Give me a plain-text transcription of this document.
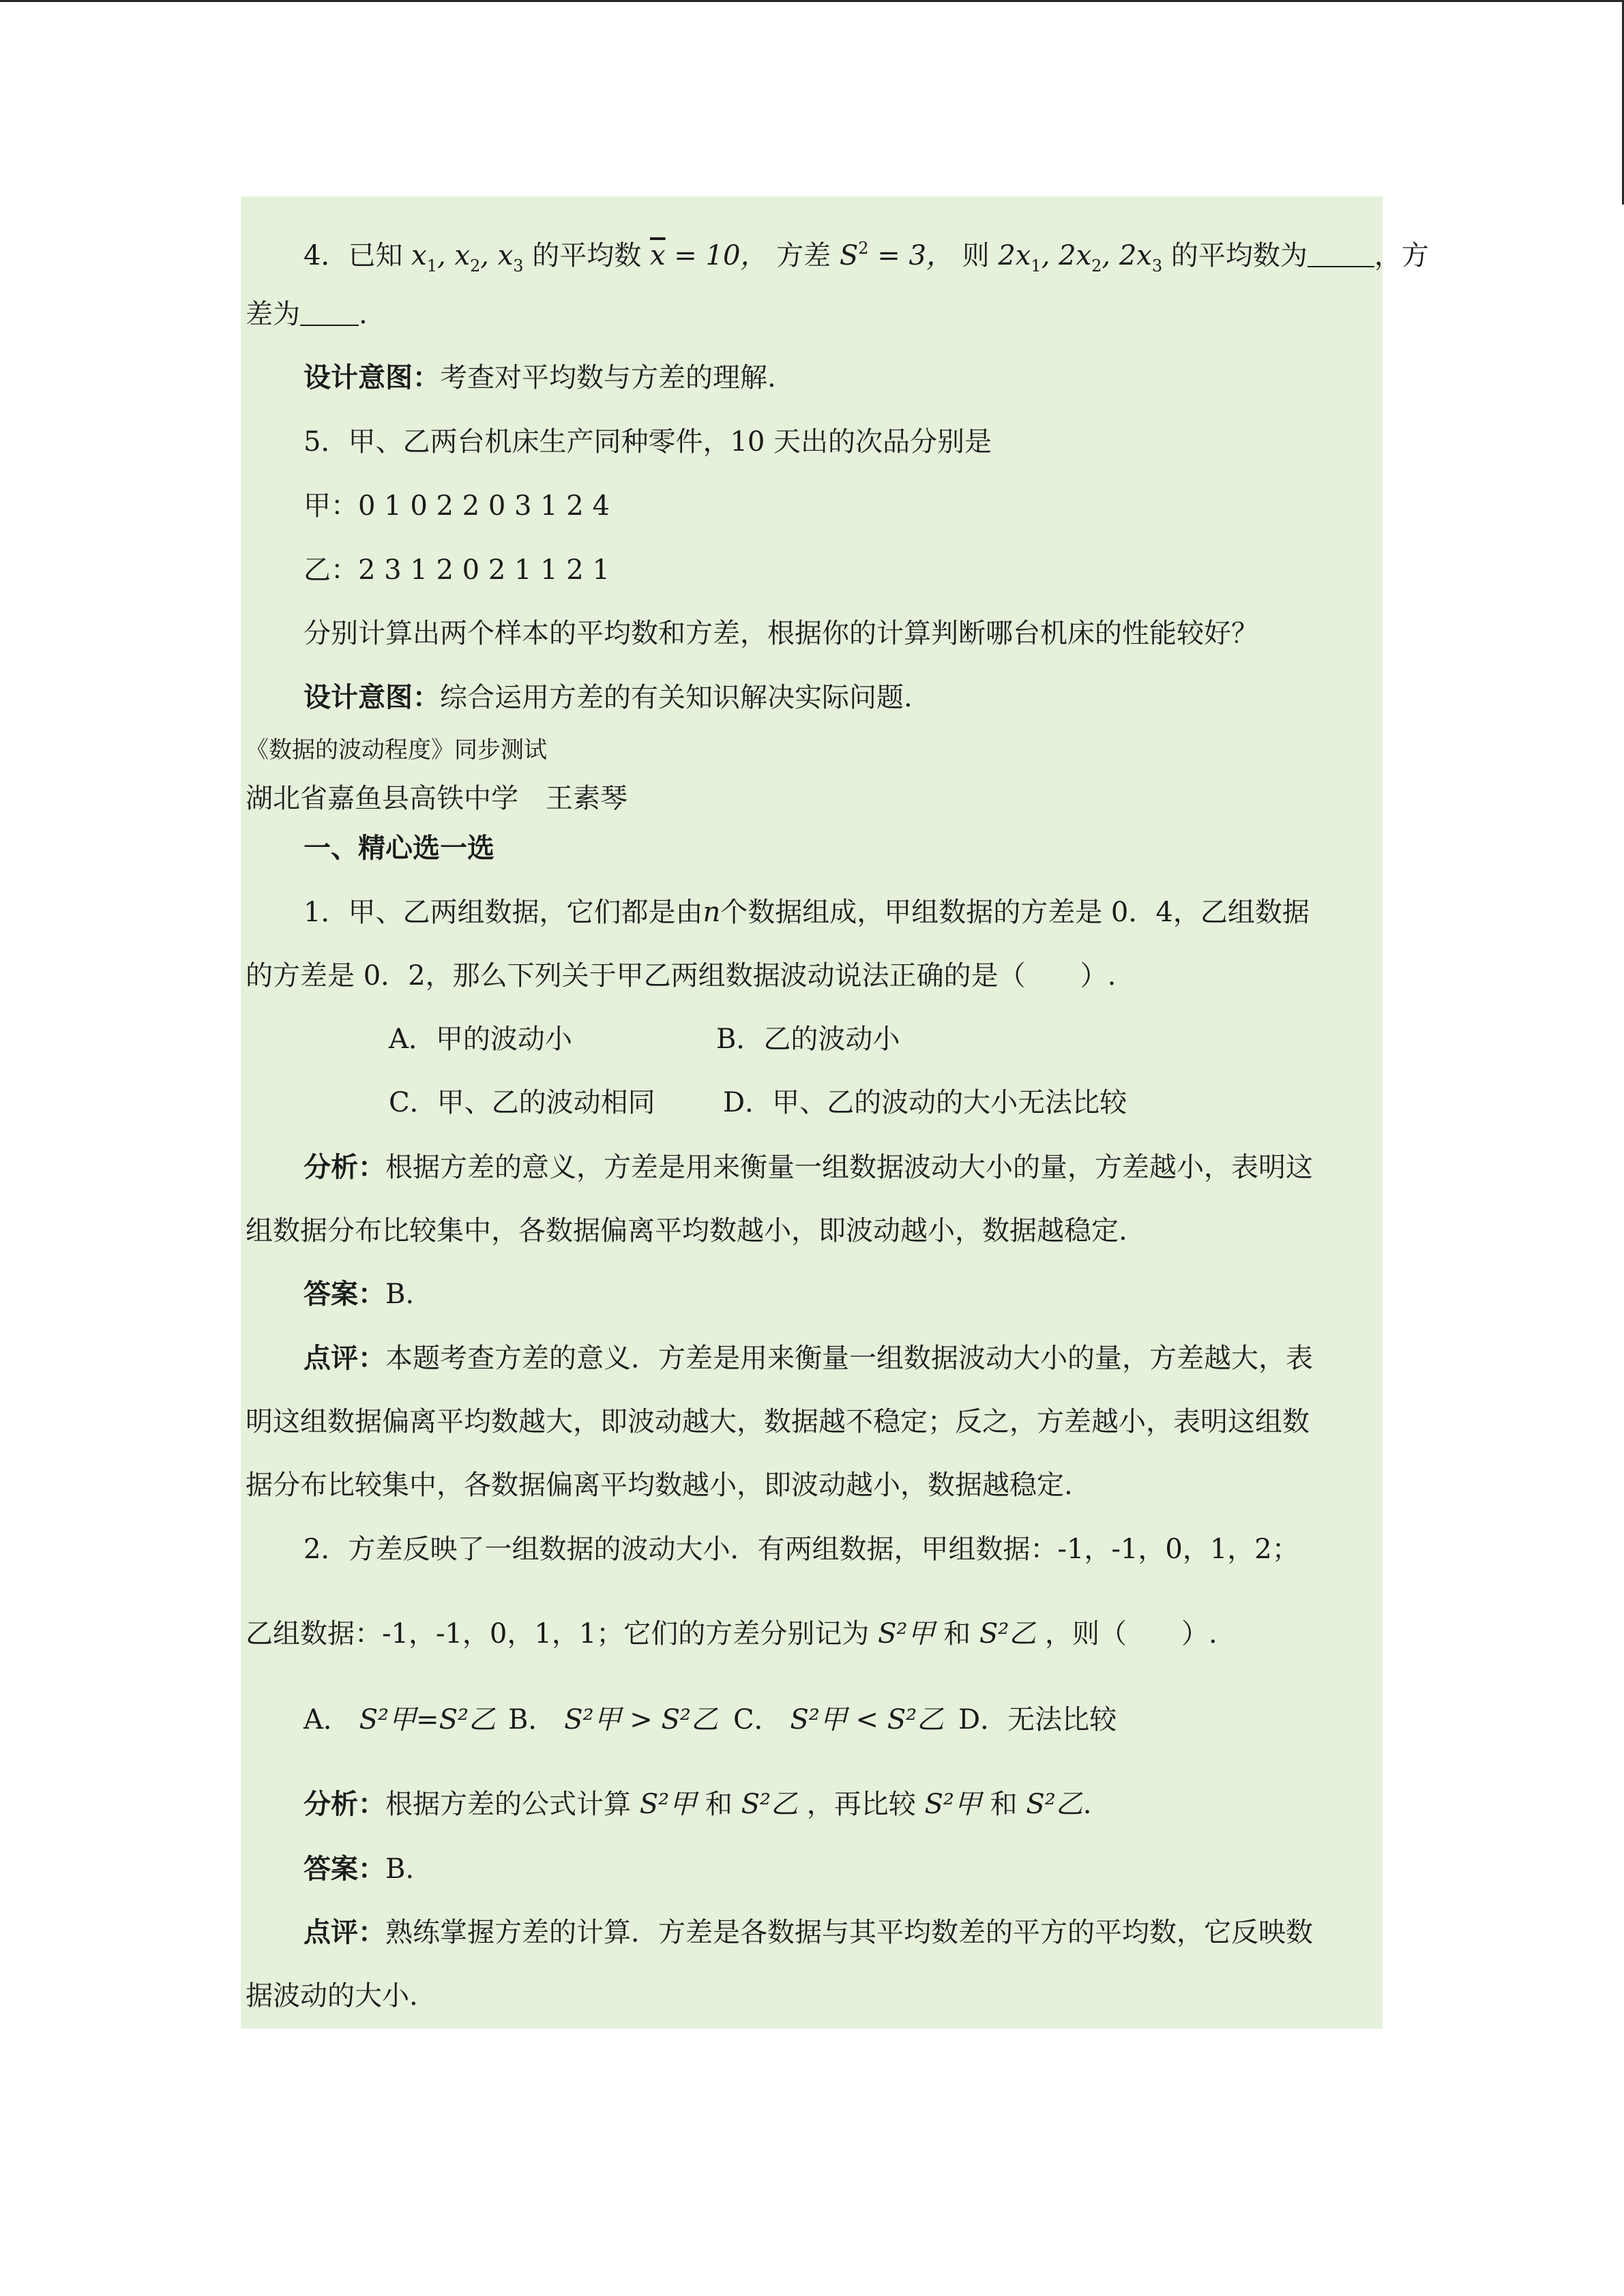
4．已知 $x_1$, $x_2$, $x_3$ 的平均数 $\overline{x} = 10$， 方差 $S^2 = 3$， 则 $2x_1$, $2x_2$, $2x_3$ 的平均数为 ，方
差为 .
设计意图：考查对平均数与方差的理解.
5．甲、乙两台机床生产同种零件，10 天出的次品分别是
甲：0 1 0 2 2 0 3 1 2 4
乙：2 3 1 2 0 2 1 1 2 1
分别计算出两个样本的平均数和方差，根据你的计算判断哪台机床的性能较好？
设计意图：综合运用方差的有关知识解决实际问题.
《数据的波动程度》同步测试
湖北省嘉鱼县高铁中学　王素琴
一、精心选一选
1．甲、乙两组数据，它们都是由n个数据组成，甲组数据的方差是 0．4，乙组数据
的方差是 0．2，那么下列关于甲乙两组数据波动说法正确的是（　　）.
A．甲的波动小	B．乙的波动小
C．甲、乙的波动相同 D．甲、乙的波动的大小无法比较
分析：根据方差的意义，方差是用来衡量一组数据波动大小的量，方差越小，表明这
组数据分布比较集中，各数据偏离平均数越小，即波动越小，数据越稳定.
答案：B.
点评：本题考查方差的意义．方差是用来衡量一组数据波动大小的量，方差越大，表
明这组数据偏离平均数越大，即波动越大，数据越不稳定；反之，方差越小，表明这组数
据分布比较集中，各数据偏离平均数越小，即波动越小，数据越稳定.
2．方差反映了一组数据的波动大小．有两组数据，甲组数据：-1，-1，0，1，2；
乙组数据：-1，-1，0，1，1；它们的方差分别记为 S²甲 和 S²乙 ，则（　　）.
A． S²甲=S²乙 B． S²甲 > S²乙 C． S²甲 < S²乙 D．无法比较
分析：根据方差的公式计算 S²甲 和 S²乙 ，再比较 S²甲 和 S²乙.
答案：B.
点评：熟练掌握方差的计算．方差是各数据与其平均数差的平方的平均数，它反映数
据波动的大小.
